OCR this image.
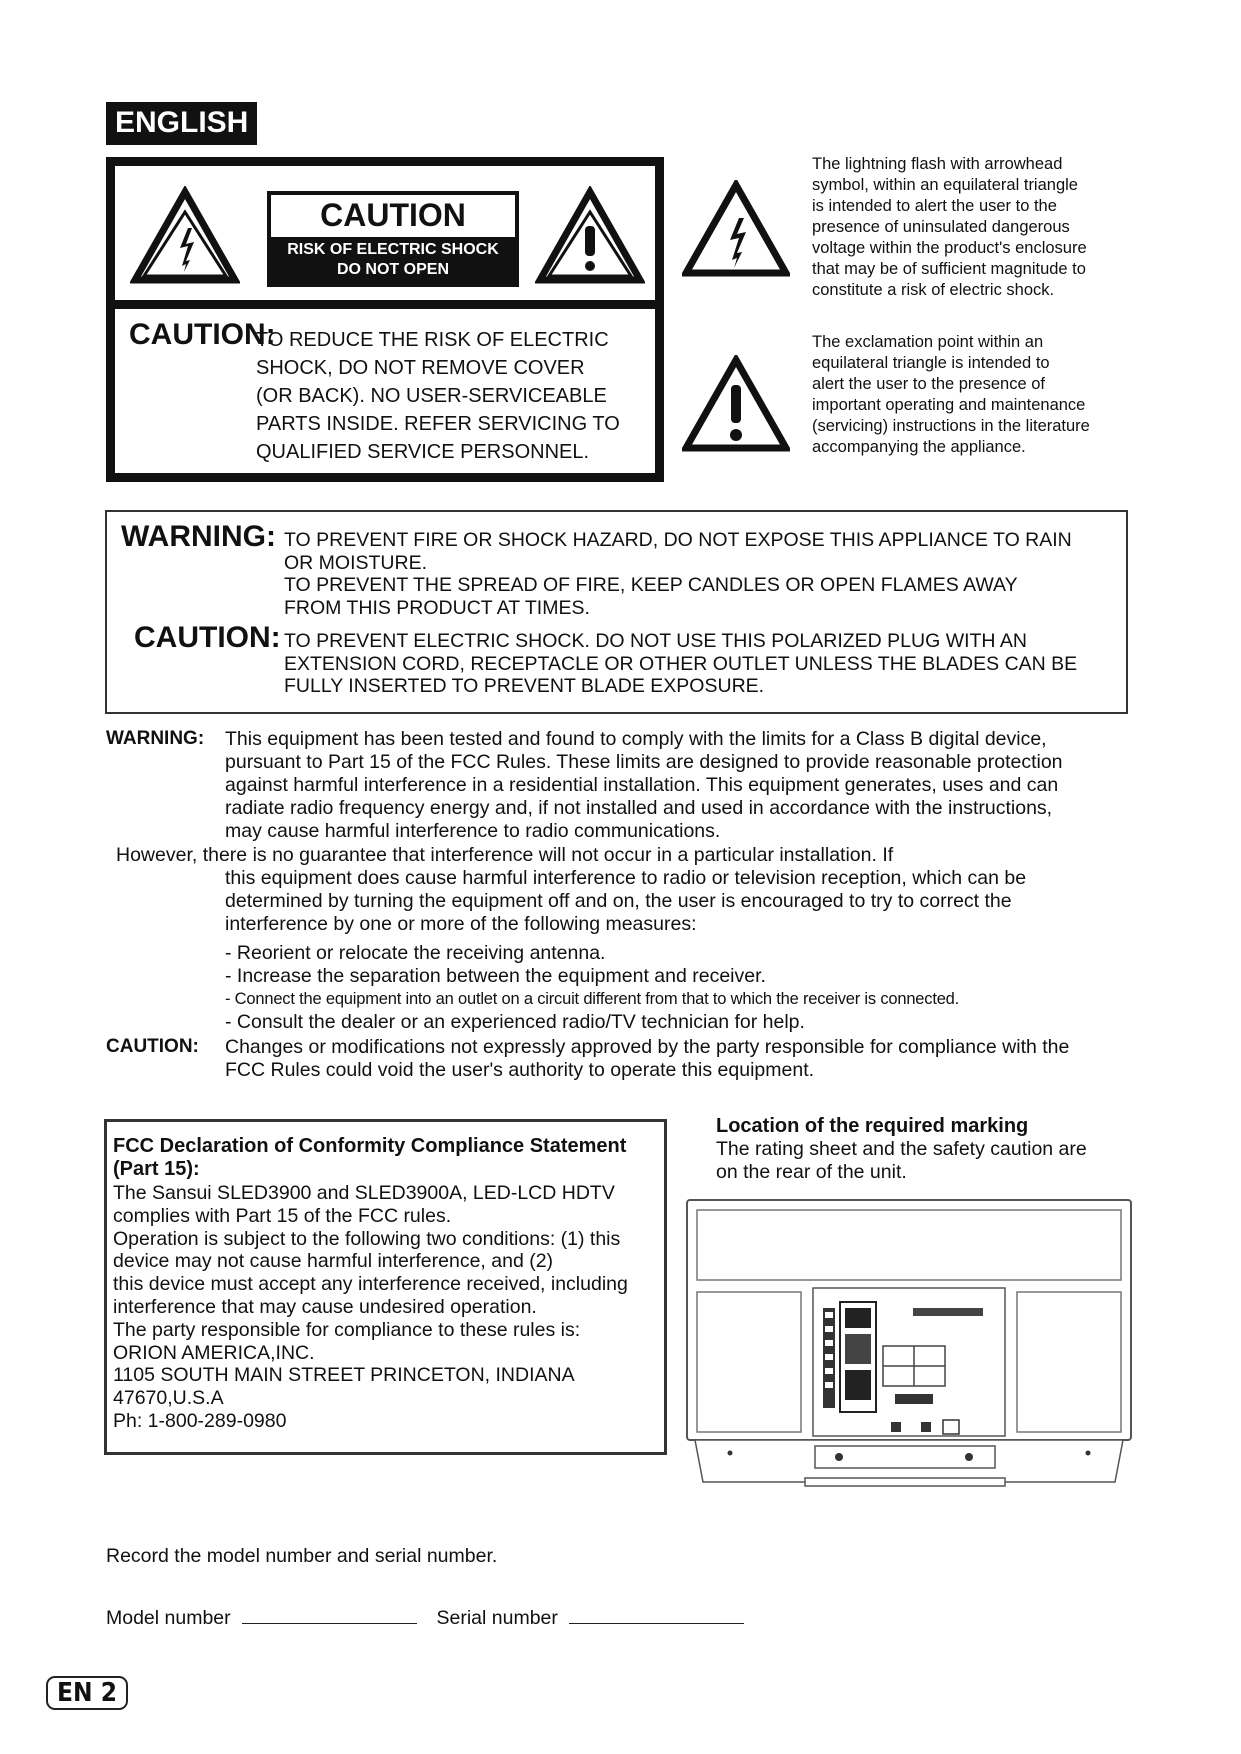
ENGLISH
CAUTION
RISK OF ELECTRIC SHOCK
DO NOT OPEN
CAUTION:

TO REDUCE THE RISK OF ELECTRIC

SHOCK, DO NOT REMOVE COVER

(OR BACK). NO USER-SERVICEABLE

PARTS INSIDE. REFER SERVICING TO

QUALIFIED SERVICE PERSONNEL.

The lightning flash with arrowhead
symbol, within an equilateral triangle
is intended to alert the user to the
presence of uninsulated dangerous
voltage within the product's enclosure
that may be of sufficient magnitude to
constitute a risk of electric shock.
The exclamation point within an
equilateral triangle is intended to
alert the user to the presence of
important operating and maintenance
(servicing) instructions in the literature
accompanying the appliance.
WARNING: TO PREVENT FIRE OR SHOCK HAZARD, DO NOT EXPOSE THIS APPLIANCE TO RAIN

OR MOISTURE.

TO PREVENT THE SPREAD OF FIRE, KEEP CANDLES OR OPEN FLAMES AWAY

FROM THIS PRODUCT AT TIMES.

CAUTION: TO PREVENT ELECTRIC SHOCK. DO NOT USE THIS POLARIZED PLUG WITH AN

EXTENSION CORD, RECEPTACLE OR OTHER OUTLET UNLESS THE BLADES CAN BE

FULLY INSERTED TO PREVENT BLADE EXPOSURE.

WARNING: This equipment has been tested and found to comply with the limits for a Class B digital device,

pursuant to Part 15 of the FCC Rules. These limits are designed to provide reasonable protection

against harmful interference in a residential installation. This equipment generates, uses and can

radiate radio frequency energy and, if not installed and used in accordance with the instructions,

may cause harmful interference to radio communications.

However, there is no guarantee that interference will not occur in a particular installation. If

this equipment does cause harmful interference to radio or television reception, which can be

determined by turning the equipment off and on, the user is encouraged to try to correct the

interference by one or more of the following measures:

- Reorient or relocate the receiving antenna.

- Increase the separation between the equipment and receiver.

- Connect the equipment into an outlet on a circuit different from that to which the receiver is connected.

- Consult the dealer or an experienced radio/TV technician for help.

CAUTION: Changes or modifications not expressly approved by the party responsible for compliance with the

FCC Rules could void the user's authority to operate this equipment.

FCC Declaration of Conformity Compliance Statement
(Part 15):

The Sansui SLED3900 and SLED3900A, LED-LCD HDTV

complies with Part 15 of the FCC rules.

Operation is subject to the following two conditions: (1) this

device may not cause harmful interference, and (2)

this device must accept any interference received, including

interference that may cause undesired operation.

The party responsible for compliance to these rules is:

ORION AMERICA,INC.

1105 SOUTH MAIN STREET PRINCETON, INDIANA

47670,U.S.A

Ph: 1-800-289-0980

Location of the required marking
The rating sheet and the safety caution are
on the rear of the unit.
Record the model number and serial number.
Model number	Serial number
EN 2
